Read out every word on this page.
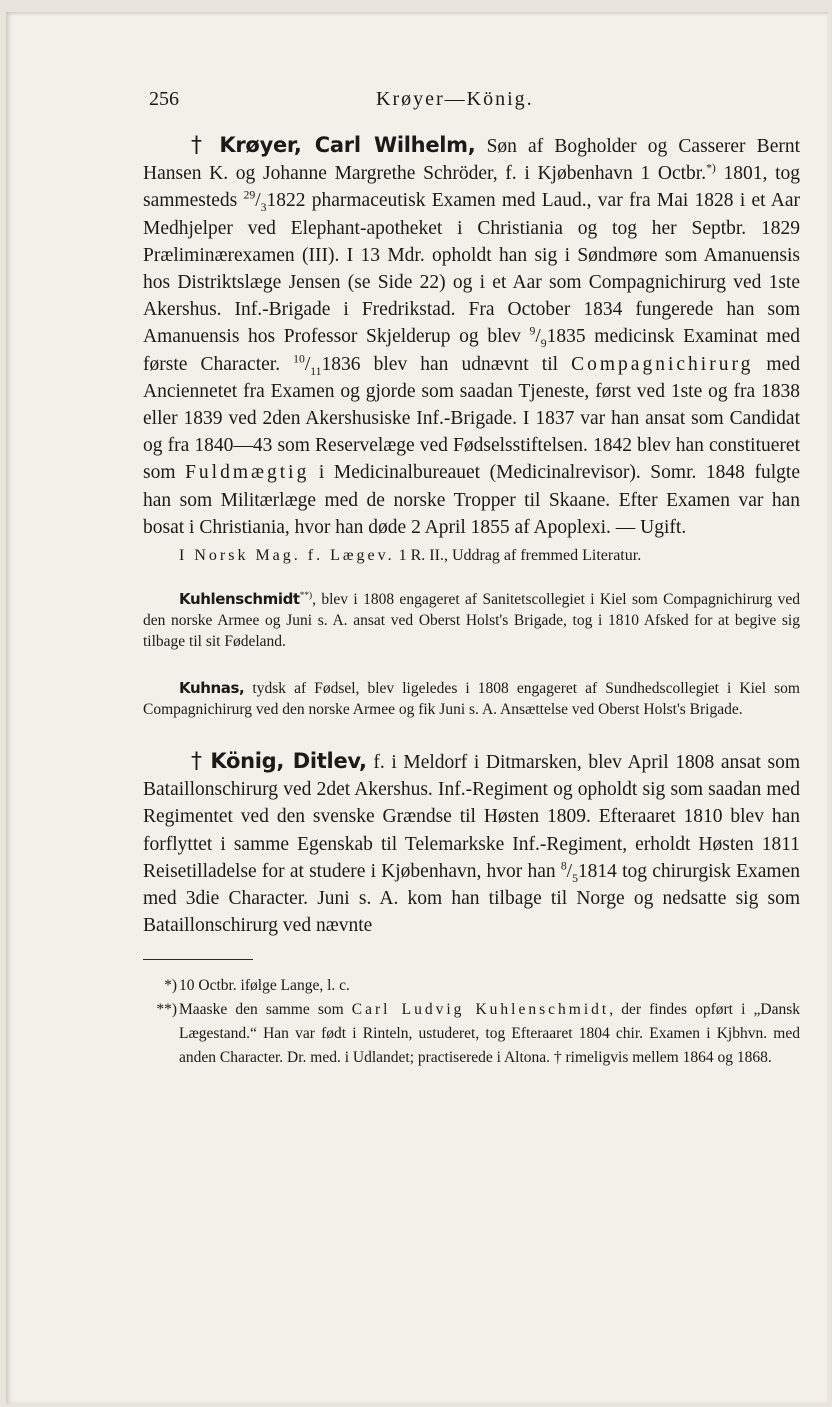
256	Krøyer—König.

† Krøyer, Carl Wilhelm, Søn af Bogholder og Casserer Bernt Hansen K. og Johanne Margrethe Schröder, f. i Kjøbenhavn 1 Octbr.*) 1801, tog sammesteds $^{29}/_31822$ pharmaceutisk Examen med Laud., var fra Mai 1828 i et Aar Medhjelper ved Elephant-apotheket i Christiania og tog her Septbr. 1829 Præliminærexamen (III). I 13 Mdr. opholdt han sig i Søndmøre som Amanuensis hos Distriktslæge Jensen (se Side 22) og i et Aar som Compagnichirurg ved 1ste Akershus. Inf.-Brigade i Fredrikstad. Fra October 1834 fungerede han som Amanuensis hos Professor Skjelderup og blev $^9/_91835$ medicinsk Examinat med første Character. $^{10}/_{11}1836$ blev han udnævnt til Compagnichirurg med Anciennetet fra Examen og gjorde som saadan Tjeneste, først ved 1ste og fra 1838 eller 1839 ved 2den Akershusiske Inf.-Brigade. I 1837 var han ansat som Candidat og fra 1840—43 som Reservelæge ved Fødselsstiftelsen. 1842 blev han constitueret som Fuldmægtig i Medicinalbureauet (Medicinalrevisor). Somr. 1848 fulgte han som Militærlæge med de norske Tropper til Skaane. Efter Examen var han bosat i Christiania, hvor han døde 2 April 1855 af Apoplexi. — Ugift.

I Norsk Mag. f. Lægev. 1 R. II., Uddrag af fremmed Literatur.

Kuhlenschmidt**), blev i 1808 engageret af Sanitetscollegiet i Kiel som Compagnichirurg ved den norske Armee og Juni s. A. ansat ved Oberst Holst's Brigade, tog i 1810 Afsked for at begive sig tilbage til sit Fødeland.

Kuhnas, tydsk af Fødsel, blev ligeledes i 1808 engageret af Sundhedscollegiet i Kiel som Compagnichirurg ved den norske Armee og fik Juni s. A. Ansættelse ved Oberst Holst's Brigade.

† König, Ditlev, f. i Meldorf i Ditmarsken, blev April 1808 ansat som Bataillonschirurg ved 2det Akershus. Inf.-Regiment og opholdt sig som saadan med Regimentet ved den svenske Grændse til Høsten 1809. Efteraaret 1810 blev han forflyttet i samme Egenskab til Telemarkske Inf.-Regiment, erholdt Høsten 1811 Reisetilladelse for at studere i Kjøbenhavn, hvor han $^8/_51814$ tog chirurgisk Examen med 3die Character. Juni s. A. kom han tilbage til Norge og nedsatte sig som Bataillonschirurg ved nævnte

*) 10 Octbr. ifølge Lange, l. c.
**) Maaske den samme som Carl Ludvig Kuhlenschmidt, der findes opført i „Dansk Lægestand.“ Han var født i Rinteln, ustuderet, tog Efteraaret 1804 chir. Examen i Kjbhvn. med anden Character. Dr. med. i Udlandet; practiserede i Altona. † rimeligvis mellem 1864 og 1868.
